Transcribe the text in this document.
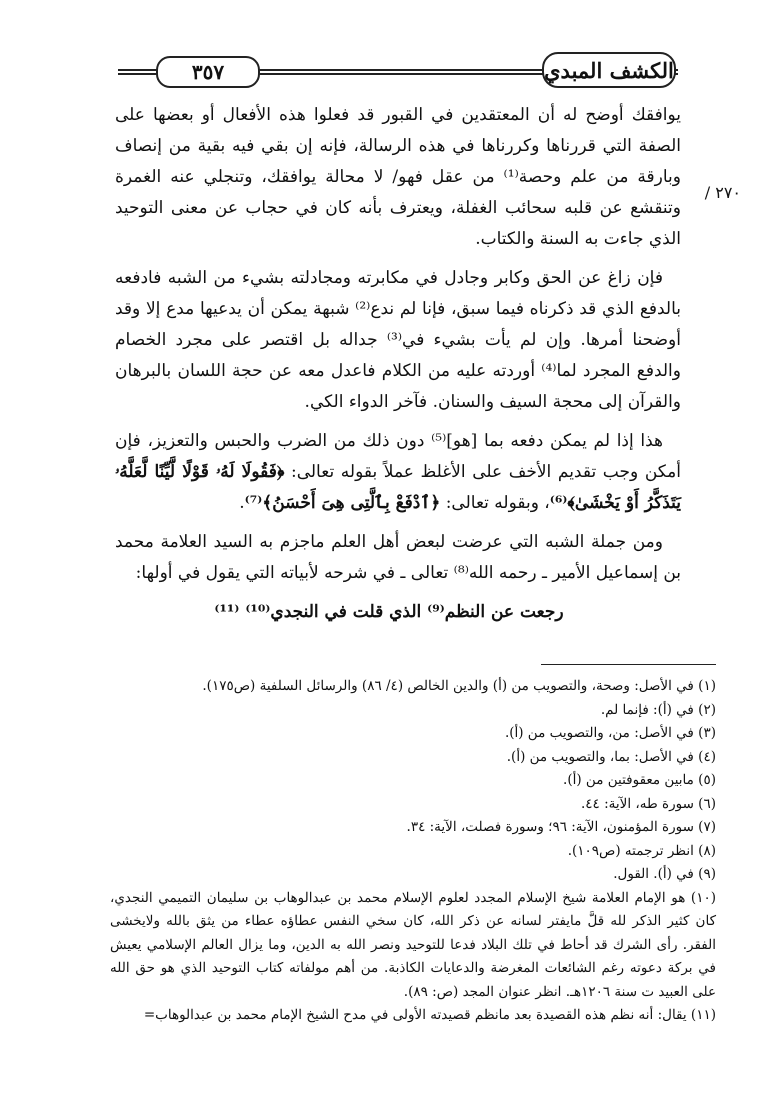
٣٥٧	الكشف المبدي
٢٧٠ /

يوافقك أوضح له أن المعتقدين في القبور قد فعلوا هذه الأفعال أو بعضها على الصفة التي قررناها وكررناها في هذه الرسالة، فإنه إن بقي فيه بقية من إنصاف وبارقة من علم وحصة⁽¹⁾ من عقل فهو/ لا محالة يوافقك، وتنجلي عنه الغمرة وتنقشع عن قلبه سحائب الغفلة، ويعترف بأنه كان في حجاب عن معنى التوحيد الذي جاءت به السنة والكتاب.

فإن زاغ عن الحق وكابر وجادل في مكابرته ومجادلته بشيء من الشبه فادفعه بالدفع الذي قد ذكرناه فيما سبق، فإنا لم ندع⁽²⁾ شبهة يمكن أن يدعيها مدع إلا وقد أوضحنا أمرها. وإن لم يأت بشيء في⁽³⁾ جداله بل اقتصر على مجرد الخصام والدفع المجرد لما⁽⁴⁾ أوردته عليه من الكلام فاعدل معه عن حجة اللسان بالبرهان والقرآن إلى محجة السيف والسنان. فآخر الدواء الكي.

هذا إذا لم يمكن دفعه بما [هو]⁽⁵⁾ دون ذلك من الضرب والحبس والتعزيز، فإن أمكن وجب تقديم الأخف على الأغلظ عملاً بقوله تعالى: ﴿فَقُولَا لَهُۥ قَوْلًا لَّيِّنًا لَّعَلَّهُۥ يَتَذَكَّرُ أَوْ يَخْشَىٰ﴾⁽⁶⁾، وبقوله تعالى: ﴿ٱدْفَعْ بِٱلَّتِى هِىَ أَحْسَنُ﴾⁽⁷⁾.

ومن جملة الشبه التي عرضت لبعض أهل العلم ماجزم به السيد العلامة محمد بن إسماعيل الأمير ـ رحمه الله⁽⁸⁾ تعالى ـ في شرحه لأبياته التي يقول في أولها:

رجعت عن النظم⁽⁹⁾ الذي قلت في النجدي⁽¹⁰⁾ ⁽¹¹⁾

(١) في الأصل: وصحة، والتصويب من (أ) والدين الخالص (٤/ ٨٦) والرسائل السلفية (ص١٧٥).

(٢) في (أ): فإنما لم.

(٣) في الأصل: من، والتصويب من (أ).

(٤) في الأصل: بما، والتصويب من (أ).

(٥) مابين معقوفتين من (أ).

(٦) سورة طه، الآية: ٤٤.

(٧) سورة المؤمنون، الآية: ٩٦؛ وسورة فصلت، الآية: ٣٤.

(٨) انظر ترجمته (ص١٠٩).

(٩) في (أ). القول.

(١٠) هو الإمام العلامة شيخ الإسلام المجدد لعلوم الإسلام محمد بن عبدالوهاب بن سليمان التميمي النجدي، كان كثير الذكر لله قلَّ مايفتر لسانه عن ذكر الله، كان سخي النفس عطاؤه عطاء من يثق بالله ولايخشى الفقر. رأى الشرك قد أحاط في تلك البلاد فدعا للتوحيد ونصر الله به الدين، وما يزال العالم الإسلامي يعيش في بركة دعوته رغم الشائعات المغرضة والدعايات الكاذبة. من أهم مولفاته كتاب التوحيد الذي هو حق الله على العبيد ت سنة ١٢٠٦هـ. انظر عنوان المجد (ص: ٨٩).

(١١) يقال: أنه نظم هذه القصيدة بعد مانظم قصيدته الأولى في مدح الشيخ الإمام محمد بن عبدالوهاب=
